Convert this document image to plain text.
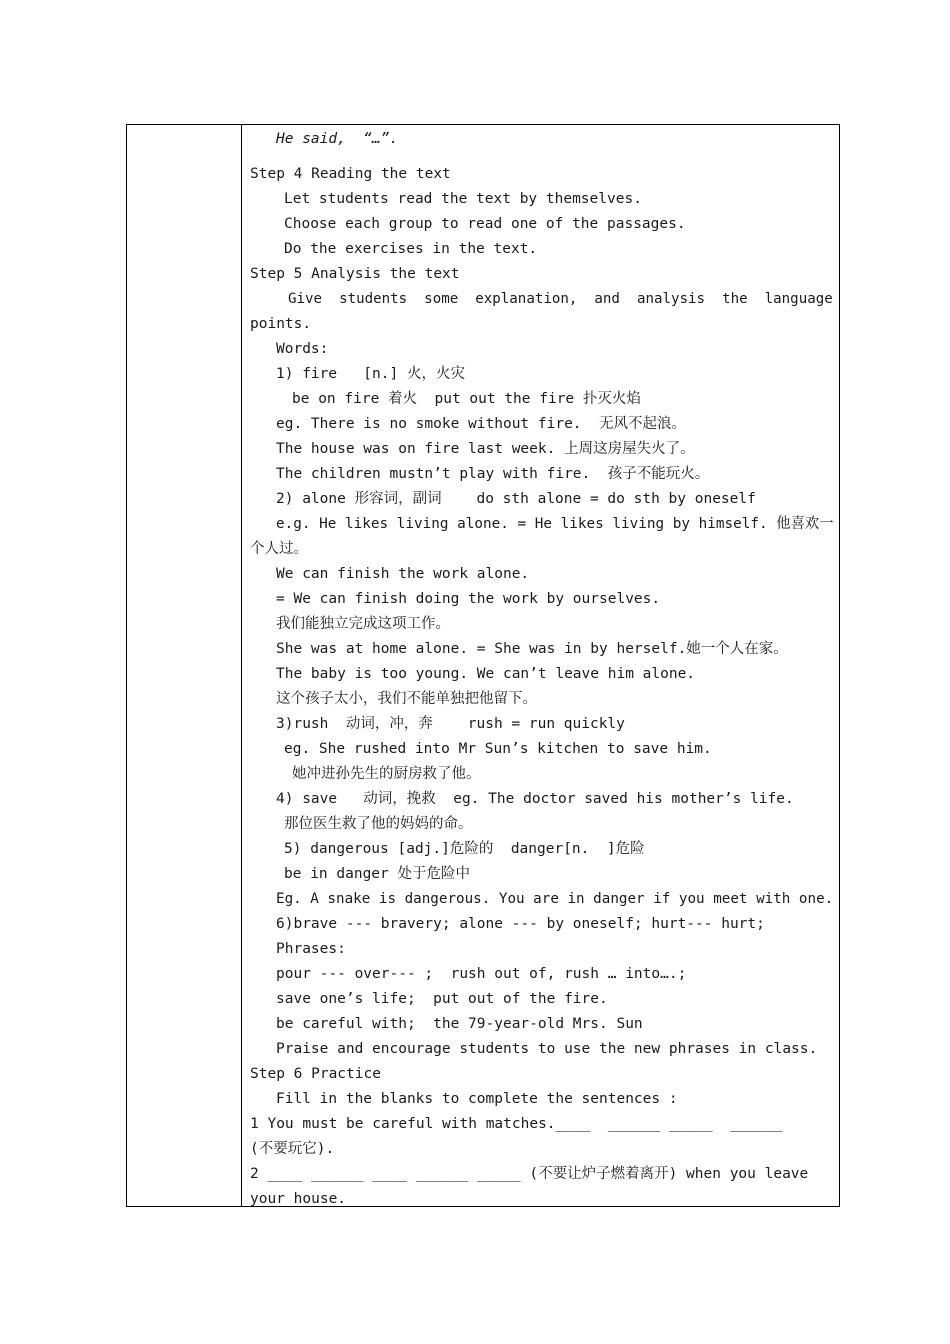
He said,  “…”.
Step 4 Reading the text
Let students read the text by themselves.
Choose each group to read one of the passages.
Do the exercises in the text.
Step 5 Analysis the text
Give  students  some  explanation,  and  analysis  the  language
points.
Words:
1) fire   [n.] 火，火灾
be on fire 着火  put out the fire 扑灭火焰
eg. There is no smoke without fire.  无风不起浪。
The house was on fire last week. 上周这房屋失火了。
The children mustn’t play with fire.  孩子不能玩火。
2) alone 形容词，副词    do sth alone = do sth by oneself
e.g. He likes living alone. = He likes living by himself. 他喜欢一
个人过。
We can finish the work alone.
= We can finish doing the work by ourselves.
我们能独立完成这项工作。
She was at home alone. = She was in by herself.她一个人在家。
The baby is too young. We can’t leave him alone.
这个孩子太小，我们不能单独把他留下。
3)rush  动词，冲，奔    rush = run quickly
eg. She rushed into Mr Sun’s kitchen to save him.
她冲进孙先生的厨房救了他。
4) save   动词，挽救  eg. The doctor saved his mother’s life.
那位医生救了他的妈妈的命。
5) dangerous [adj.]危险的  danger[n.  ]危险
be in danger 处于危险中
Eg. A snake is dangerous. You are in danger if you meet with one.
6)brave --- bravery; alone --- by oneself; hurt--- hurt;
Phrases:
pour --- over--- ;  rush out of, rush … into….;
save one’s life;  put out of the fire.
be careful with;  the 79-year-old Mrs. Sun
Praise and encourage students to use the new phrases in class.
Step 6 Practice
Fill in the blanks to complete the sentences :
1 You must be careful with matches.____  ______ _____  ______
(不要玩它).
2 ____ ______ ____ ______ _____ (不要让炉子燃着离开) when you leave
your house.
